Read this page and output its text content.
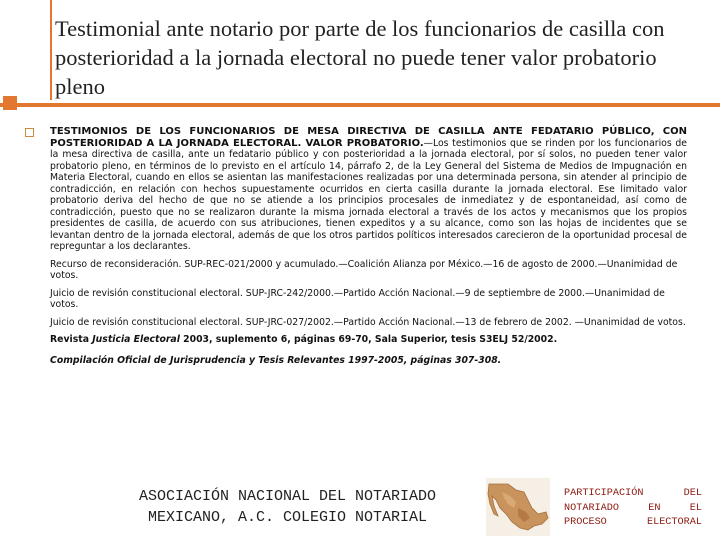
Testimonial ante notario por parte de los funcionarios de casilla con posterioridad a la jornada electoral no puede tener valor probatorio pleno

TESTIMONIOS DE LOS FUNCIONARIOS DE MESA DIRECTIVA DE CASILLA ANTE FEDATARIO PÚBLICO, CON POSTERIORIDAD A LA JORNADA ELECTORAL. VALOR PROBATORIO.—Los testimonios que se rinden por los funcionarios de la mesa directiva de casilla, ante un fedatario público y con posterioridad a la jornada electoral, por sí solos, no pueden tener valor probatorio pleno, en términos de lo previsto en el artículo 14, párrafo 2, de la Ley General del Sistema de Medios de Impugnación en Materia Electoral, cuando en ellos se asientan las manifestaciones realizadas por una determinada persona, sin atender al principio de contradicción, en relación con hechos supuestamente ocurridos en cierta casilla durante la jornada electoral. Ese limitado valor probatorio deriva del hecho de que no se atiende a los principios procesales de inmediatez y de espontaneidad, así como de contradicción, puesto que no se realizaron durante la misma jornada electoral a través de los actos y mecanismos que los propios presidentes de casilla, de acuerdo con sus atribuciones, tienen expeditos y a su alcance, como son las hojas de incidentes que se levantan dentro de la jornada electoral, además de que los otros partidos políticos interesados carecieron de la oportunidad procesal de repreguntar a los declarantes.

Recurso de reconsideración. SUP-REC-021/2000 y acumulado.—Coalición Alianza por México.—16 de agosto de 2000.—Unanimidad de votos.

Juicio de revisión constitucional electoral. SUP-JRC-242/2000.—Partido Acción Nacional.—9 de septiembre de 2000.—Unanimidad de votos.

Juicio de revisión constitucional electoral. SUP-JRC-027/2002.—Partido Acción Nacional.—13 de febrero de 2002. —Unanimidad de votos.

Revista Justicia Electoral 2003, suplemento 6, páginas 69-70, Sala Superior, tesis S3ELJ 52/2002.

Compilación Oficial de Jurisprudencia y Tesis Relevantes 1997-2005, páginas 307-308.

ASOCIACIÓN NACIONAL DEL NOTARIADO
MEXICANO, A.C. COLEGIO NOTARIAL
PARTICIPACIÓN DEL NOTARIADO EN EL PROCESO ELECTORAL
